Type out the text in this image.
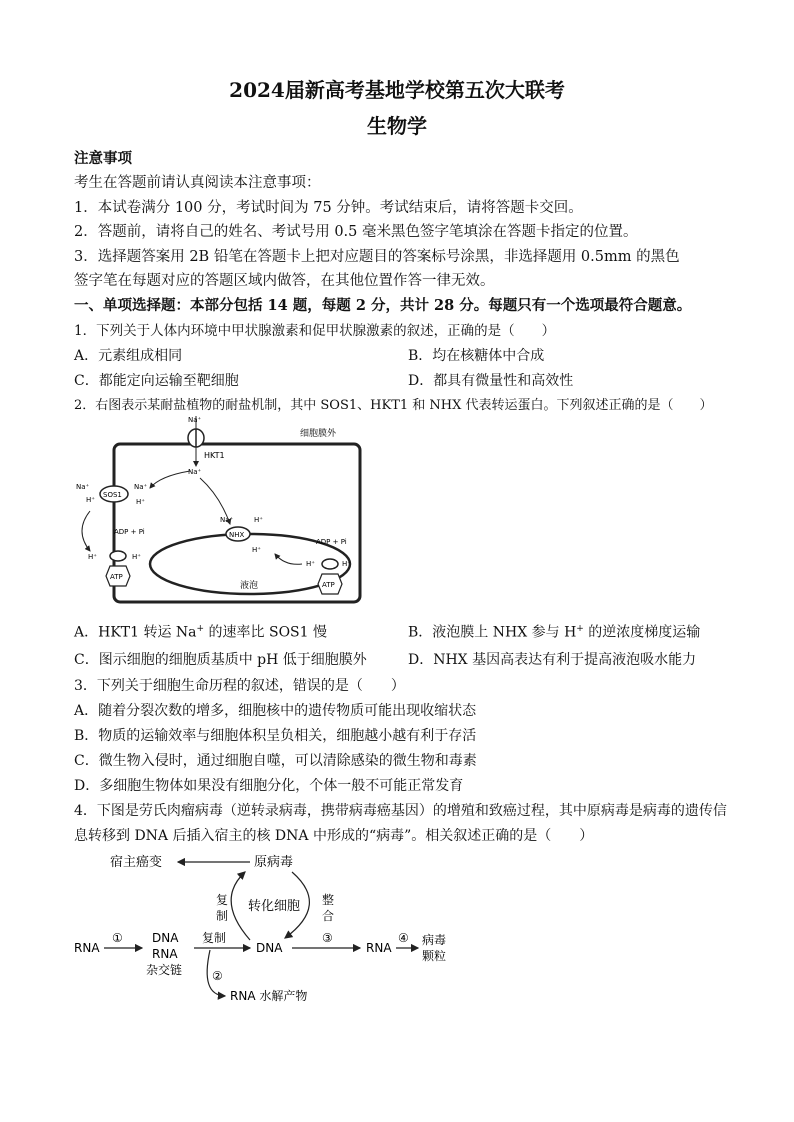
2024届新高考基地学校第五次大联考
生物学
注意事项
考生在答题前请认真阅读本注意事项：
1．本试卷满分 100 分，考试时间为 75 分钟。考试结束后，请将答题卡交回。
2．答题前，请将自己的姓名、考试号用 0.5 毫米黑色签字笔填涂在答题卡指定的位置。
3．选择题答案用 2B 铅笔在答题卡上把对应题目的答案标号涂黑，非选择题用 0.5mm 的黑色
签字笔在每题对应的答题区域内做答，在其他位置作答一律无效。
一、单项选择题：本部分包括 14 题，每题 2 分，共计 28 分。每题只有一个选项最符合题意。
1．下列关于人体内环境中甲状腺激素和促甲状腺激素的叙述，正确的是（　　）
A．元素组成相同	B．均在核糖体中合成
C．都能定向运输至靶细胞	D．都具有微量性和高效性
2．右图表示某耐盐植物的耐盐机制，其中 SOS1、HKT1 和 NHX 代表转运蛋白。下列叙述正确的是（　　）
细胞膜外
Na⁺
HKT1
Na⁺
SOS1
Na⁺	Na⁺
H⁺	H⁺
ADP + Pi
H⁺	H⁺
ATP
液泡
NHX
Na⁺	H⁺
H⁺
ADP + Pi
H⁺	H⁺
ATP
A．HKT1 转运 Na+ 的速率比 SOS1 慢	B．液泡膜上 NHX 参与 H+ 的逆浓度梯度运输
C．图示细胞的细胞质基质中 pH 低于细胞膜外	D．NHX 基因高表达有利于提高液泡吸水能力
3．下列关于细胞生命历程的叙述，错误的是（　　）
A．随着分裂次数的增多，细胞核中的遗传物质可能出现收缩状态
B．物质的运输效率与细胞体积呈负相关，细胞越小越有利于存活
C．微生物入侵时，通过细胞自噬，可以清除感染的微生物和毒素
D．多细胞生物体如果没有细胞分化，个体一般不可能正常发育
4．下图是劳氏肉瘤病毒（逆转录病毒，携带病毒癌基因）的增殖和致癌过程，其中原病毒是病毒的遗传信
息转移到 DNA 后插入宿主的核 DNA 中形成的“病毒”。相关叙述正确的是（　　）
宿主癌变	原病毒
复
制
转化细胞 整
合
RNA
① DNA
RNA
杂交链
复制
DNA
③
RNA
④ 病毒
颗粒
②
RNA 水解产物
